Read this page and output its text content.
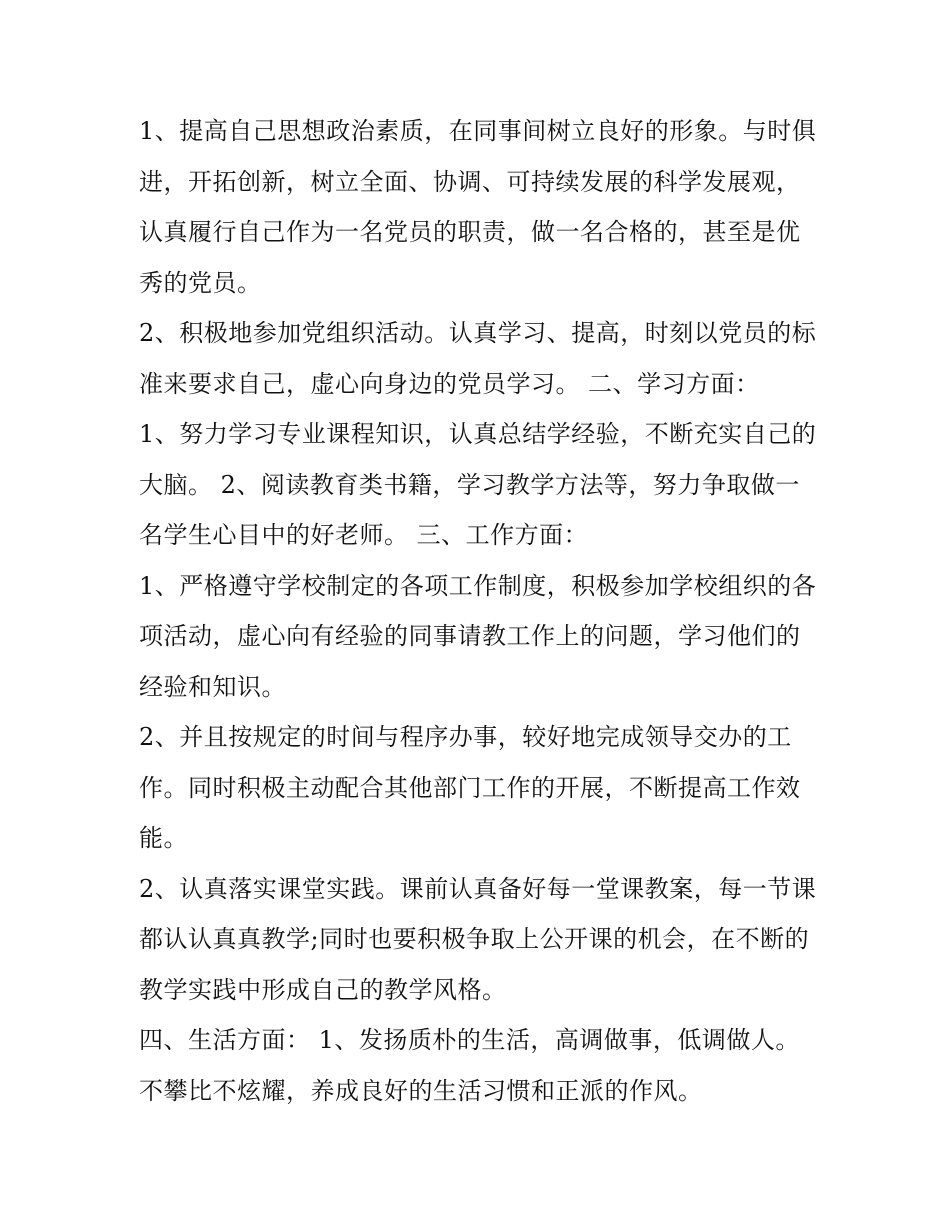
1、提高自己思想政治素质，在同事间树立良好的形象。与时俱进，开拓创新，树立全面、协调、可持续发展的科学发展观，认真履行自己作为一名党员的职责，做一名合格的，甚至是优秀的党员。

2、积极地参加党组织活动。认真学习、提高，时刻以党员的标准来要求自己，虚心向身边的党员学习。 二、学习方面：

1、努力学习专业课程知识，认真总结学经验，不断充实自己的大脑。 2、阅读教育类书籍，学习教学方法等，努力争取做一名学生心目中的好老师。 三、工作方面：

1、严格遵守学校制定的各项工作制度，积极参加学校组织的各项活动，虚心向有经验的同事请教工作上的问题，学习他们的经验和知识。

2、并且按规定的时间与程序办事，较好地完成领导交办的工作。同时积极主动配合其他部门工作的开展，不断提高工作效能。

2、认真落实课堂实践。课前认真备好每一堂课教案，每一节课都认认真真教学;同时也要积极争取上公开课的机会，在不断的教学实践中形成自己的教学风格。

四、生活方面： 1、发扬质朴的生活，高调做事，低调做人。不攀比不炫耀，养成良好的生活习惯和正派的作风。
